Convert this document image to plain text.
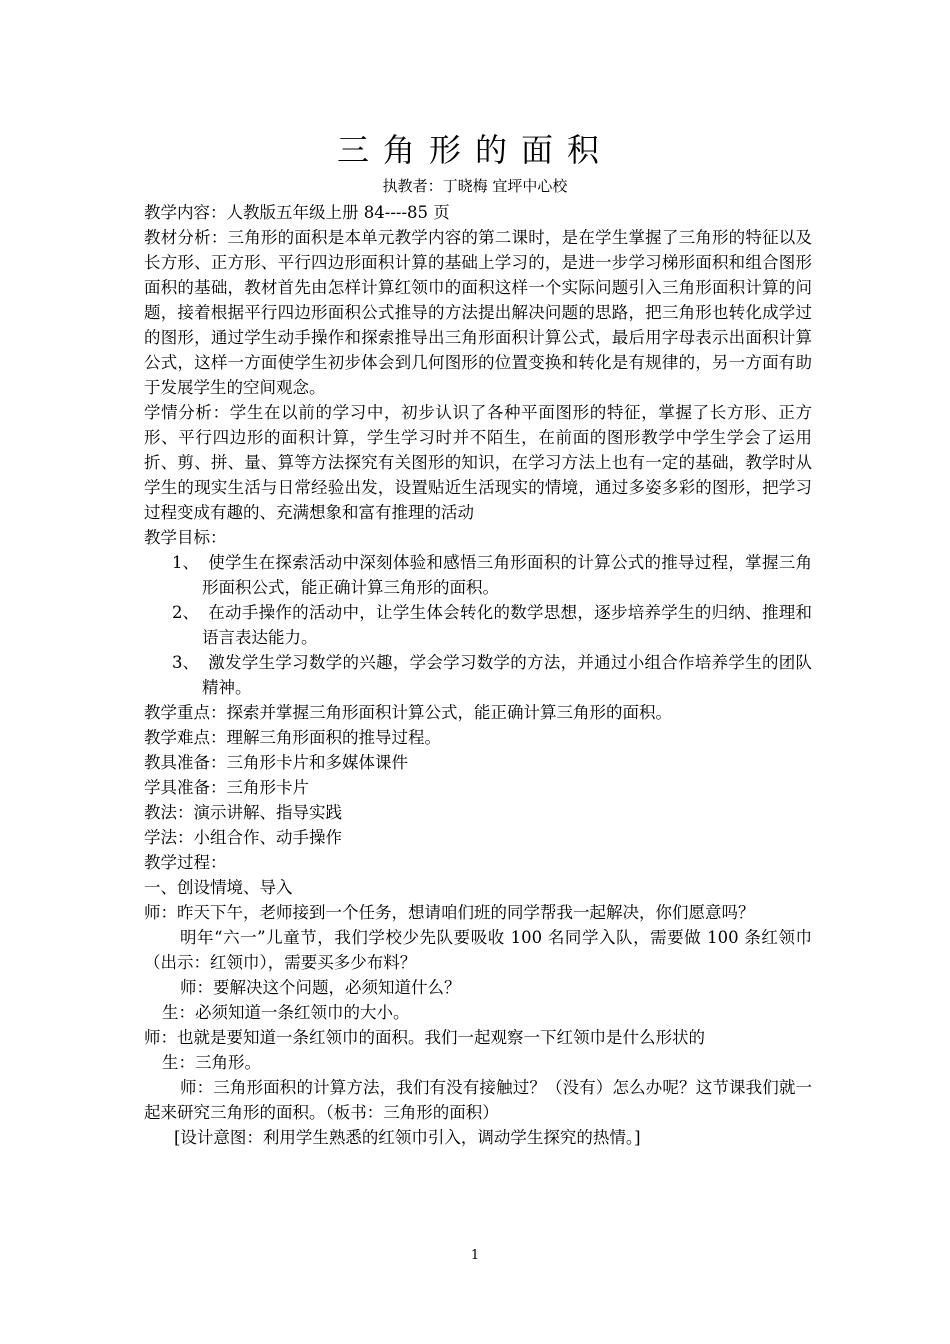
三角形的面积
执教者：丁晓梅 宜坪中心校

教学内容：人教版五年级上册 84----85 页

教材分析：三角形的面积是本单元教学内容的第二课时，是在学生掌握了三角形的特征以及长方形、正方形、平行四边形面积计算的基础上学习的，是进一步学习梯形面积和组合图形面积的基础，教材首先由怎样计算红领巾的面积这样一个实际问题引入三角形面积计算的问题，接着根据平行四边形面积公式推导的方法提出解决问题的思路，把三角形也转化成学过的图形，通过学生动手操作和探索推导出三角形面积计算公式，最后用字母表示出面积计算公式，这样一方面使学生初步体会到几何图形的位置变换和转化是有规律的，另一方面有助于发展学生的空间观念。

学情分析：学生在以前的学习中，初步认识了各种平面图形的特征，掌握了长方形、正方形、平行四边形的面积计算，学生学习时并不陌生，在前面的图形教学中学生学会了运用折、剪、拼、量、算等方法探究有关图形的知识，在学习方法上也有一定的基础，教学时从学生的现实生活与日常经验出发，设置贴近生活现实的情境，通过多姿多彩的图形，把学习过程变成有趣的、充满想象和富有推理的活动

教学目标：

1、 使学生在探索活动中深刻体验和感悟三角形面积的计算公式的推导过程，掌握三角形面积公式，能正确计算三角形的面积。

2、 在动手操作的活动中，让学生体会转化的数学思想，逐步培养学生的归纳、推理和语言表达能力。

3、 激发学生学习数学的兴趣，学会学习数学的方法，并通过小组合作培养学生的团队精神。

教学重点：探索并掌握三角形面积计算公式，能正确计算三角形的面积。

教学难点：理解三角形面积的推导过程。

教具准备：三角形卡片和多媒体课件

学具准备：三角形卡片

教法：演示讲解、指导实践

学法：小组合作、动手操作

教学过程：

一、创设情境、导入

师：昨天下午，老师接到一个任务，想请咱们班的同学帮我一起解决，你们愿意吗？

明年“六一”儿童节，我们学校少先队要吸收 100 名同学入队，需要做 100 条红领巾（出示：红领巾），需要买多少布料？

师：要解决这个问题，必须知道什么？

生：必须知道一条红领巾的大小。

师：也就是要知道一条红领巾的面积。我们一起观察一下红领巾是什么形状的

生：三角形。

师：三角形面积的计算方法，我们有没有接触过？（没有）怎么办呢？这节课我们就一起来研究三角形的面积。（板书：三角形的面积）

[设计意图：利用学生熟悉的红领巾引入，调动学生探究的热情。]

1
